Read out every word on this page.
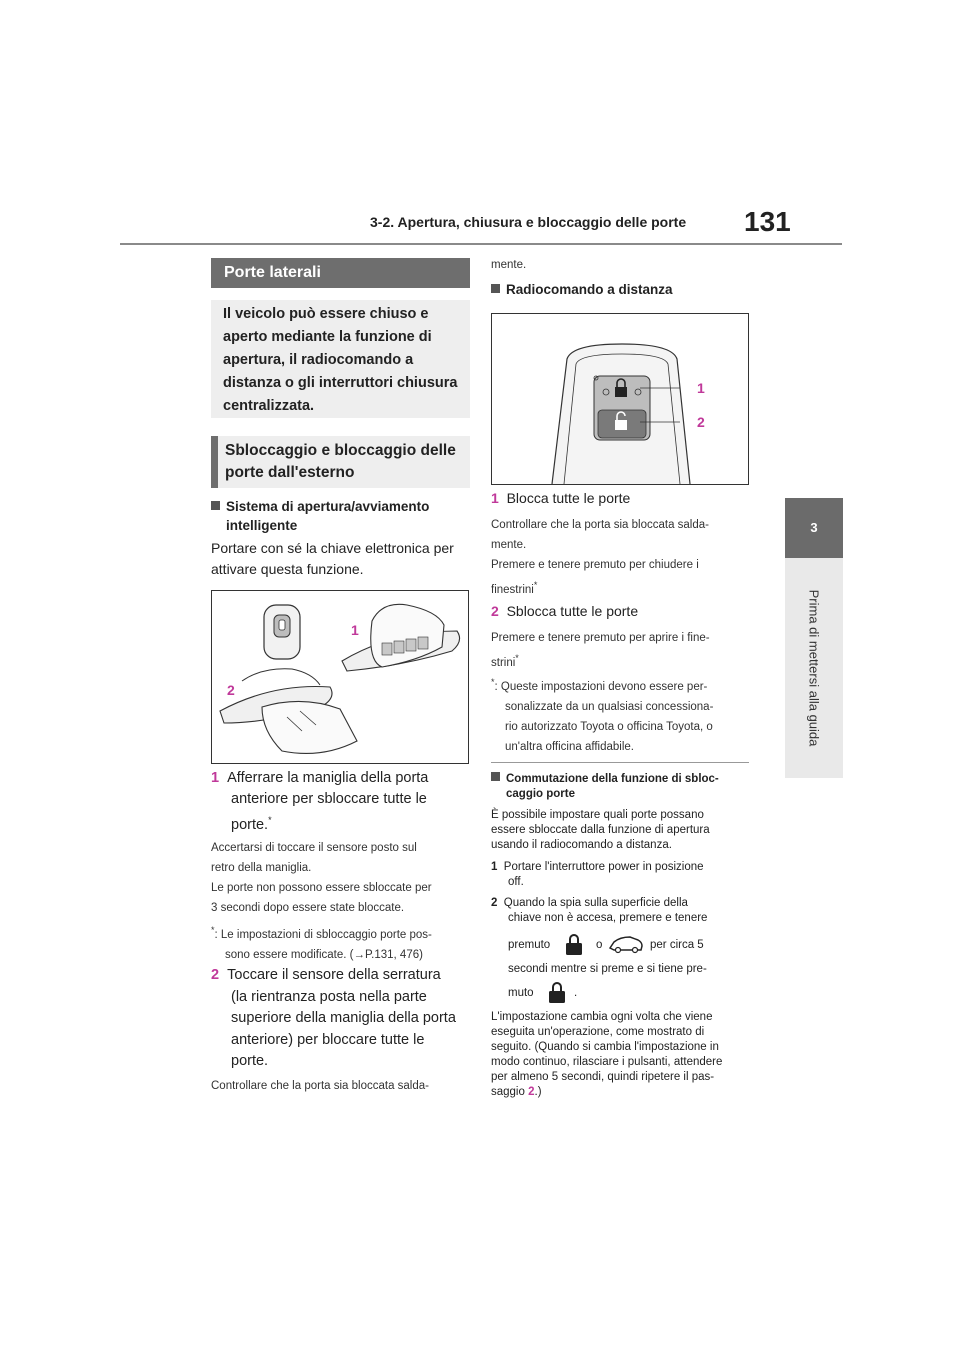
3-2. Apertura, chiusura e bloccaggio delle porte 131
3
Prima di mettersi alla guida
Porte laterali
Il veicolo può essere chiuso e aperto mediante la funzione di apertura, il radiocomando a distanza o gli interruttori chiusura centralizzata.
Sbloccaggio e bloccaggio delle
porte dall'esterno
Sistema di apertura/avviamento
intelligente
Portare con sé la chiave elettronica per
attivare questa funzione.
1
2
1 Afferrare la maniglia della porta
anteriore per sbloccare tutte le
porte.*
Accertarsi di toccare il sensore posto sul
retro della maniglia.
Le porte non possono essere sbloccate per
3 secondi dopo essere state bloccate.
*: Le impostazioni di sbloccaggio porte pos-
sono essere modificate. (→P.131, 476)
2 Toccare il sensore della serratura
(la rientranza posta nella parte
superiore della maniglia della porta
anteriore) per bloccare tutte le
porte.
Controllare che la porta sia bloccata salda-
mente.
Radiocomando a distanza
1
2
1 Blocca tutte le porte
Controllare che la porta sia bloccata salda-
mente.
Premere e tenere premuto per chiudere i
finestrini*
2 Sblocca tutte le porte
Premere e tenere premuto per aprire i fine-
strini*
*: Queste impostazioni devono essere per-
sonalizzate da un qualsiasi concessiona-
rio autorizzato Toyota o officina Toyota, o
un'altra officina affidabile.
Commutazione della funzione di sbloc-
caggio porte
È possibile impostare quali porte possano
essere sbloccate dalla funzione di apertura
usando il radiocomando a distanza.
1 Portare l'interruttore power in posizione
off.
2 Quando la spia sulla superficie della
chiave non è accesa, premere e tenere
premuto	o	per circa 5
secondi mentre si preme e si tiene pre-
muto	.
L'impostazione cambia ogni volta che viene
eseguita un'operazione, come mostrato di
seguito. (Quando si cambia l'impostazione in
modo continuo, rilasciare i pulsanti, attendere
per almeno 5 secondi, quindi ripetere il pas-
saggio 2.)
